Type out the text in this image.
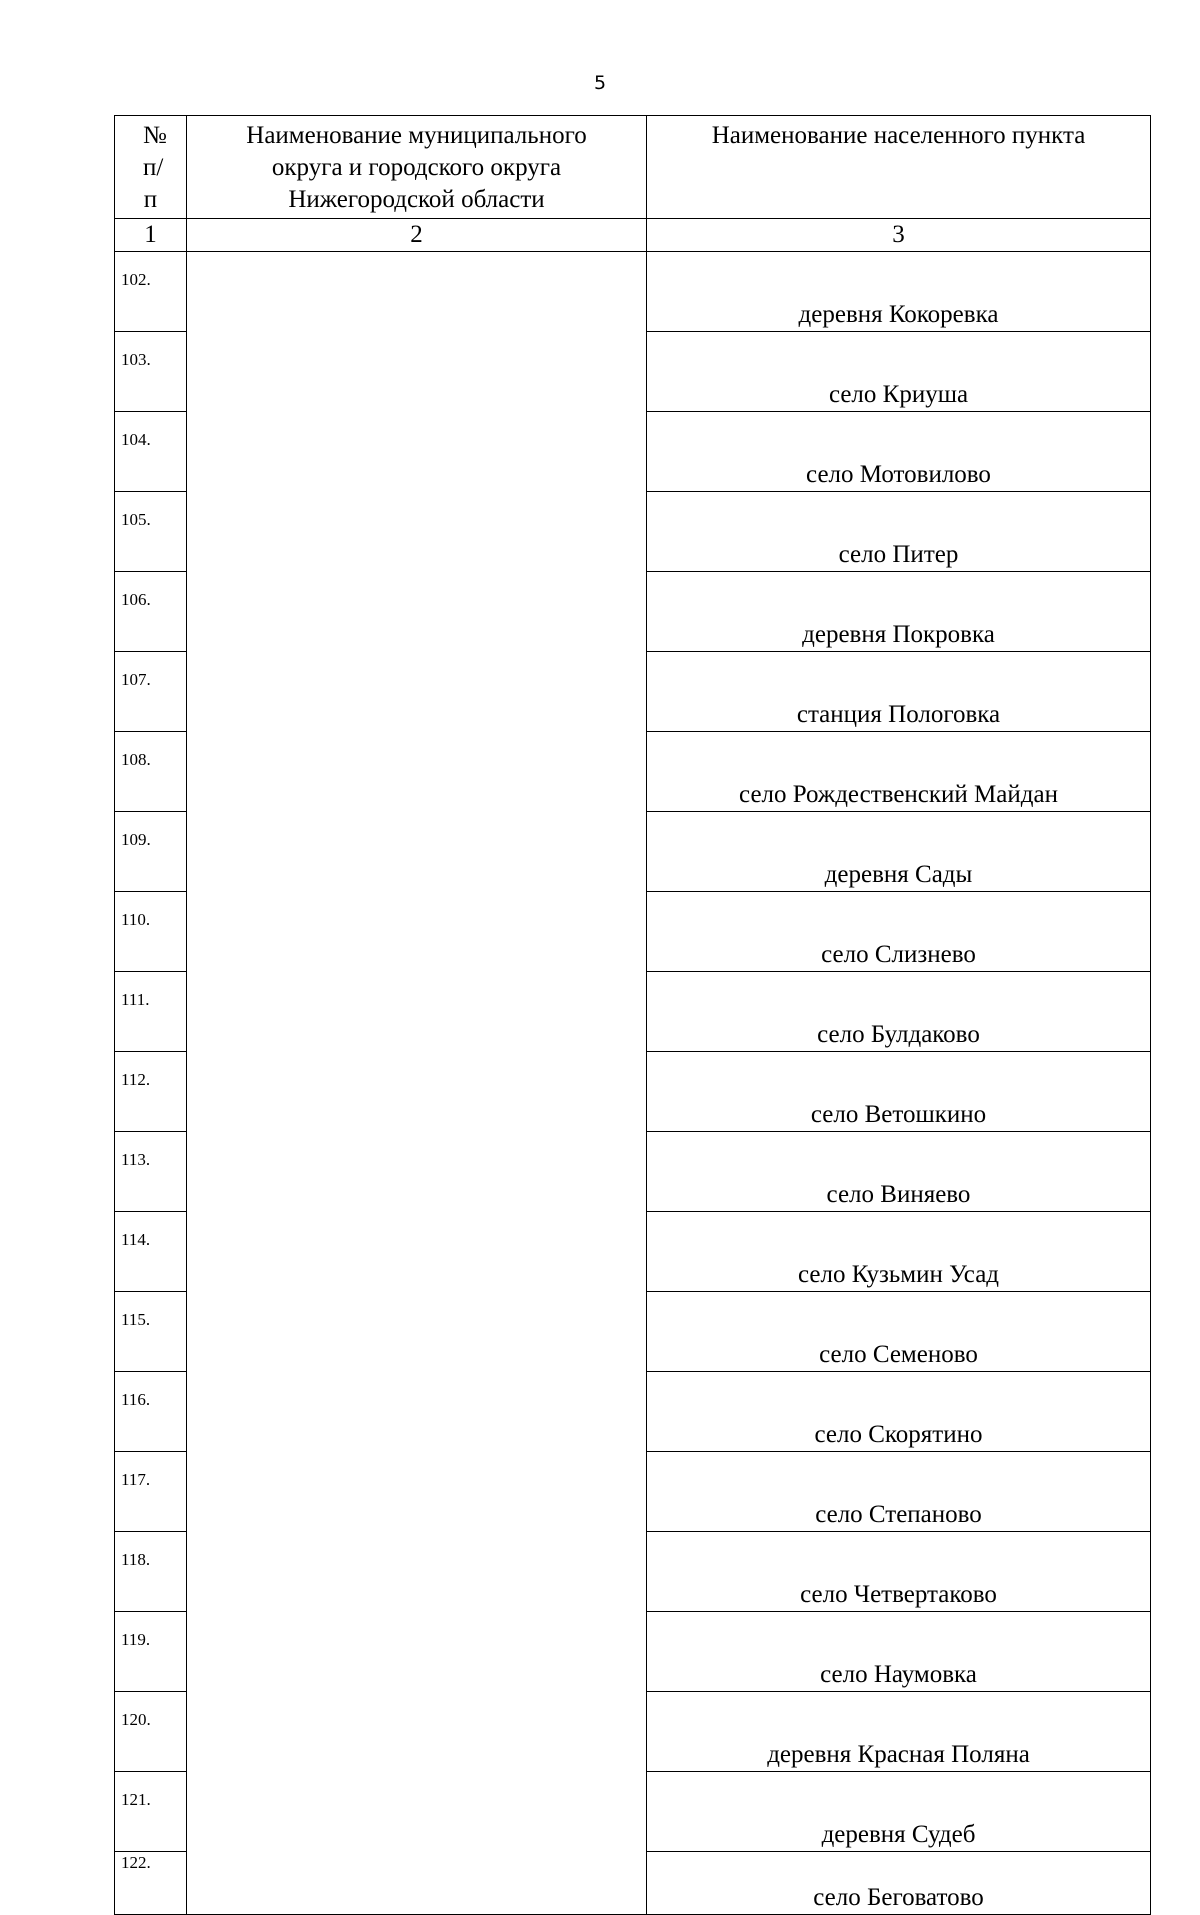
5
№ п/п	Наименование муниципального округа и городского округа Нижегородской области	Наименование населенного пункта
1	2	3
102.		деревня Кокоревка
103.		село Криуша
104.		село Мотовилово
105.		село Питер
106.		деревня Покровка
107.		станция Пологовка
108.		село Рождественский Майдан
109.		деревня Сады
110.		село Слизнево
111.		село Булдаково
112.		село Ветошкино
113.		село Виняево
114.		село Кузьмин Усад
115.		село Семеново
116.		село Скорятино
117.		село Степаново
118.		село Четвертаково
119.		село Наумовка
120.		деревня Красная Поляна
121.		деревня Судеб
122.		село Беговатово
